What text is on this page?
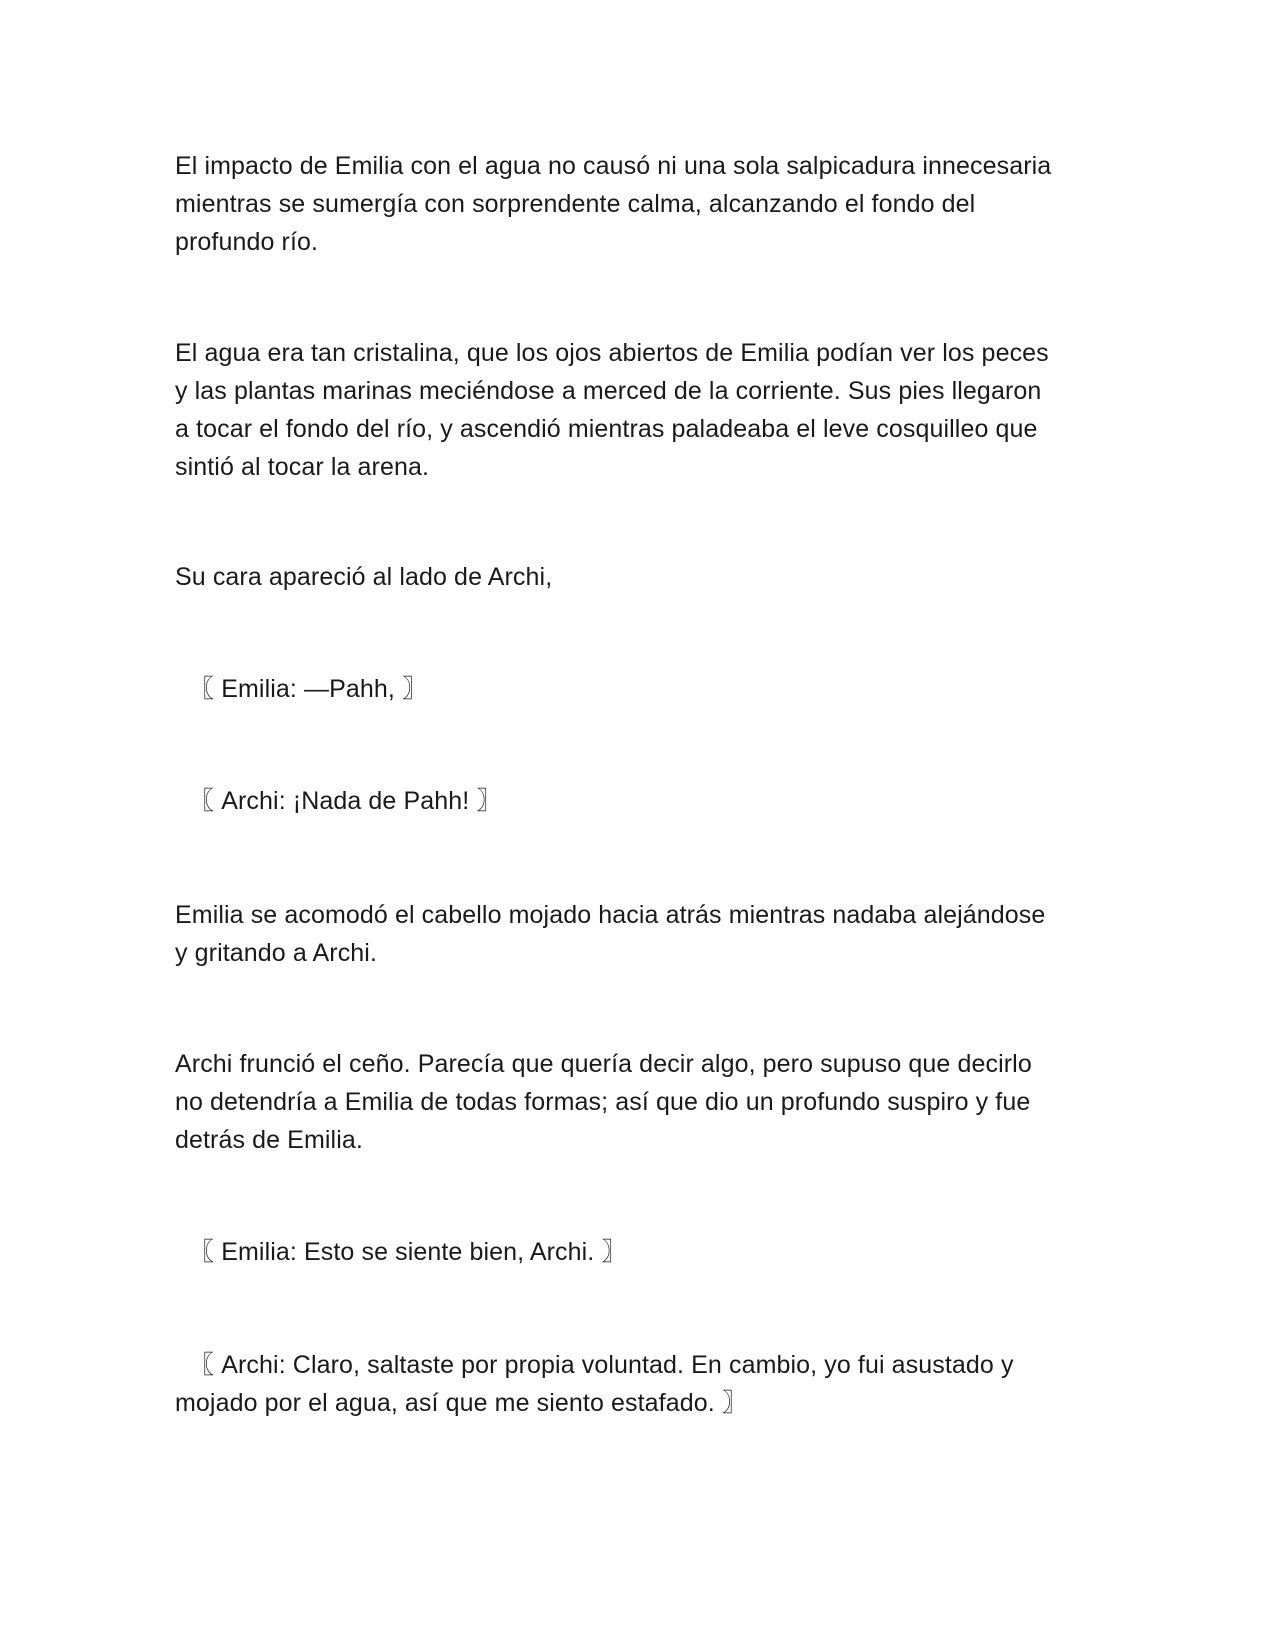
El impacto de Emilia con el agua no causó ni una sola salpicadura innecesaria
mientras se sumergía con sorprendente calma, alcanzando el fondo del
profundo río.

El agua era tan cristalina, que los ojos abiertos de Emilia podían ver los peces
y las plantas marinas meciéndose a merced de la corriente. Sus pies llegaron
a tocar el fondo del río, y ascendió mientras paladeaba el leve cosquilleo que
sintió al tocar la arena.

Su cara apareció al lado de Archi,

〖 Emilia: —Pahh, 〗

〖 Archi: ¡Nada de Pahh! 〗

Emilia se acomodó el cabello mojado hacia atrás mientras nadaba alejándose
y gritando a Archi.

Archi frunció el ceño. Parecía que quería decir algo, pero supuso que decirlo
no detendría a Emilia de todas formas; así que dio un profundo suspiro y fue
detrás de Emilia.

〖 Emilia: Esto se siente bien, Archi. 〗

〖 Archi: Claro, saltaste por propia voluntad. En cambio, yo fui asustado y
mojado por el agua, así que me siento estafado. 〗
